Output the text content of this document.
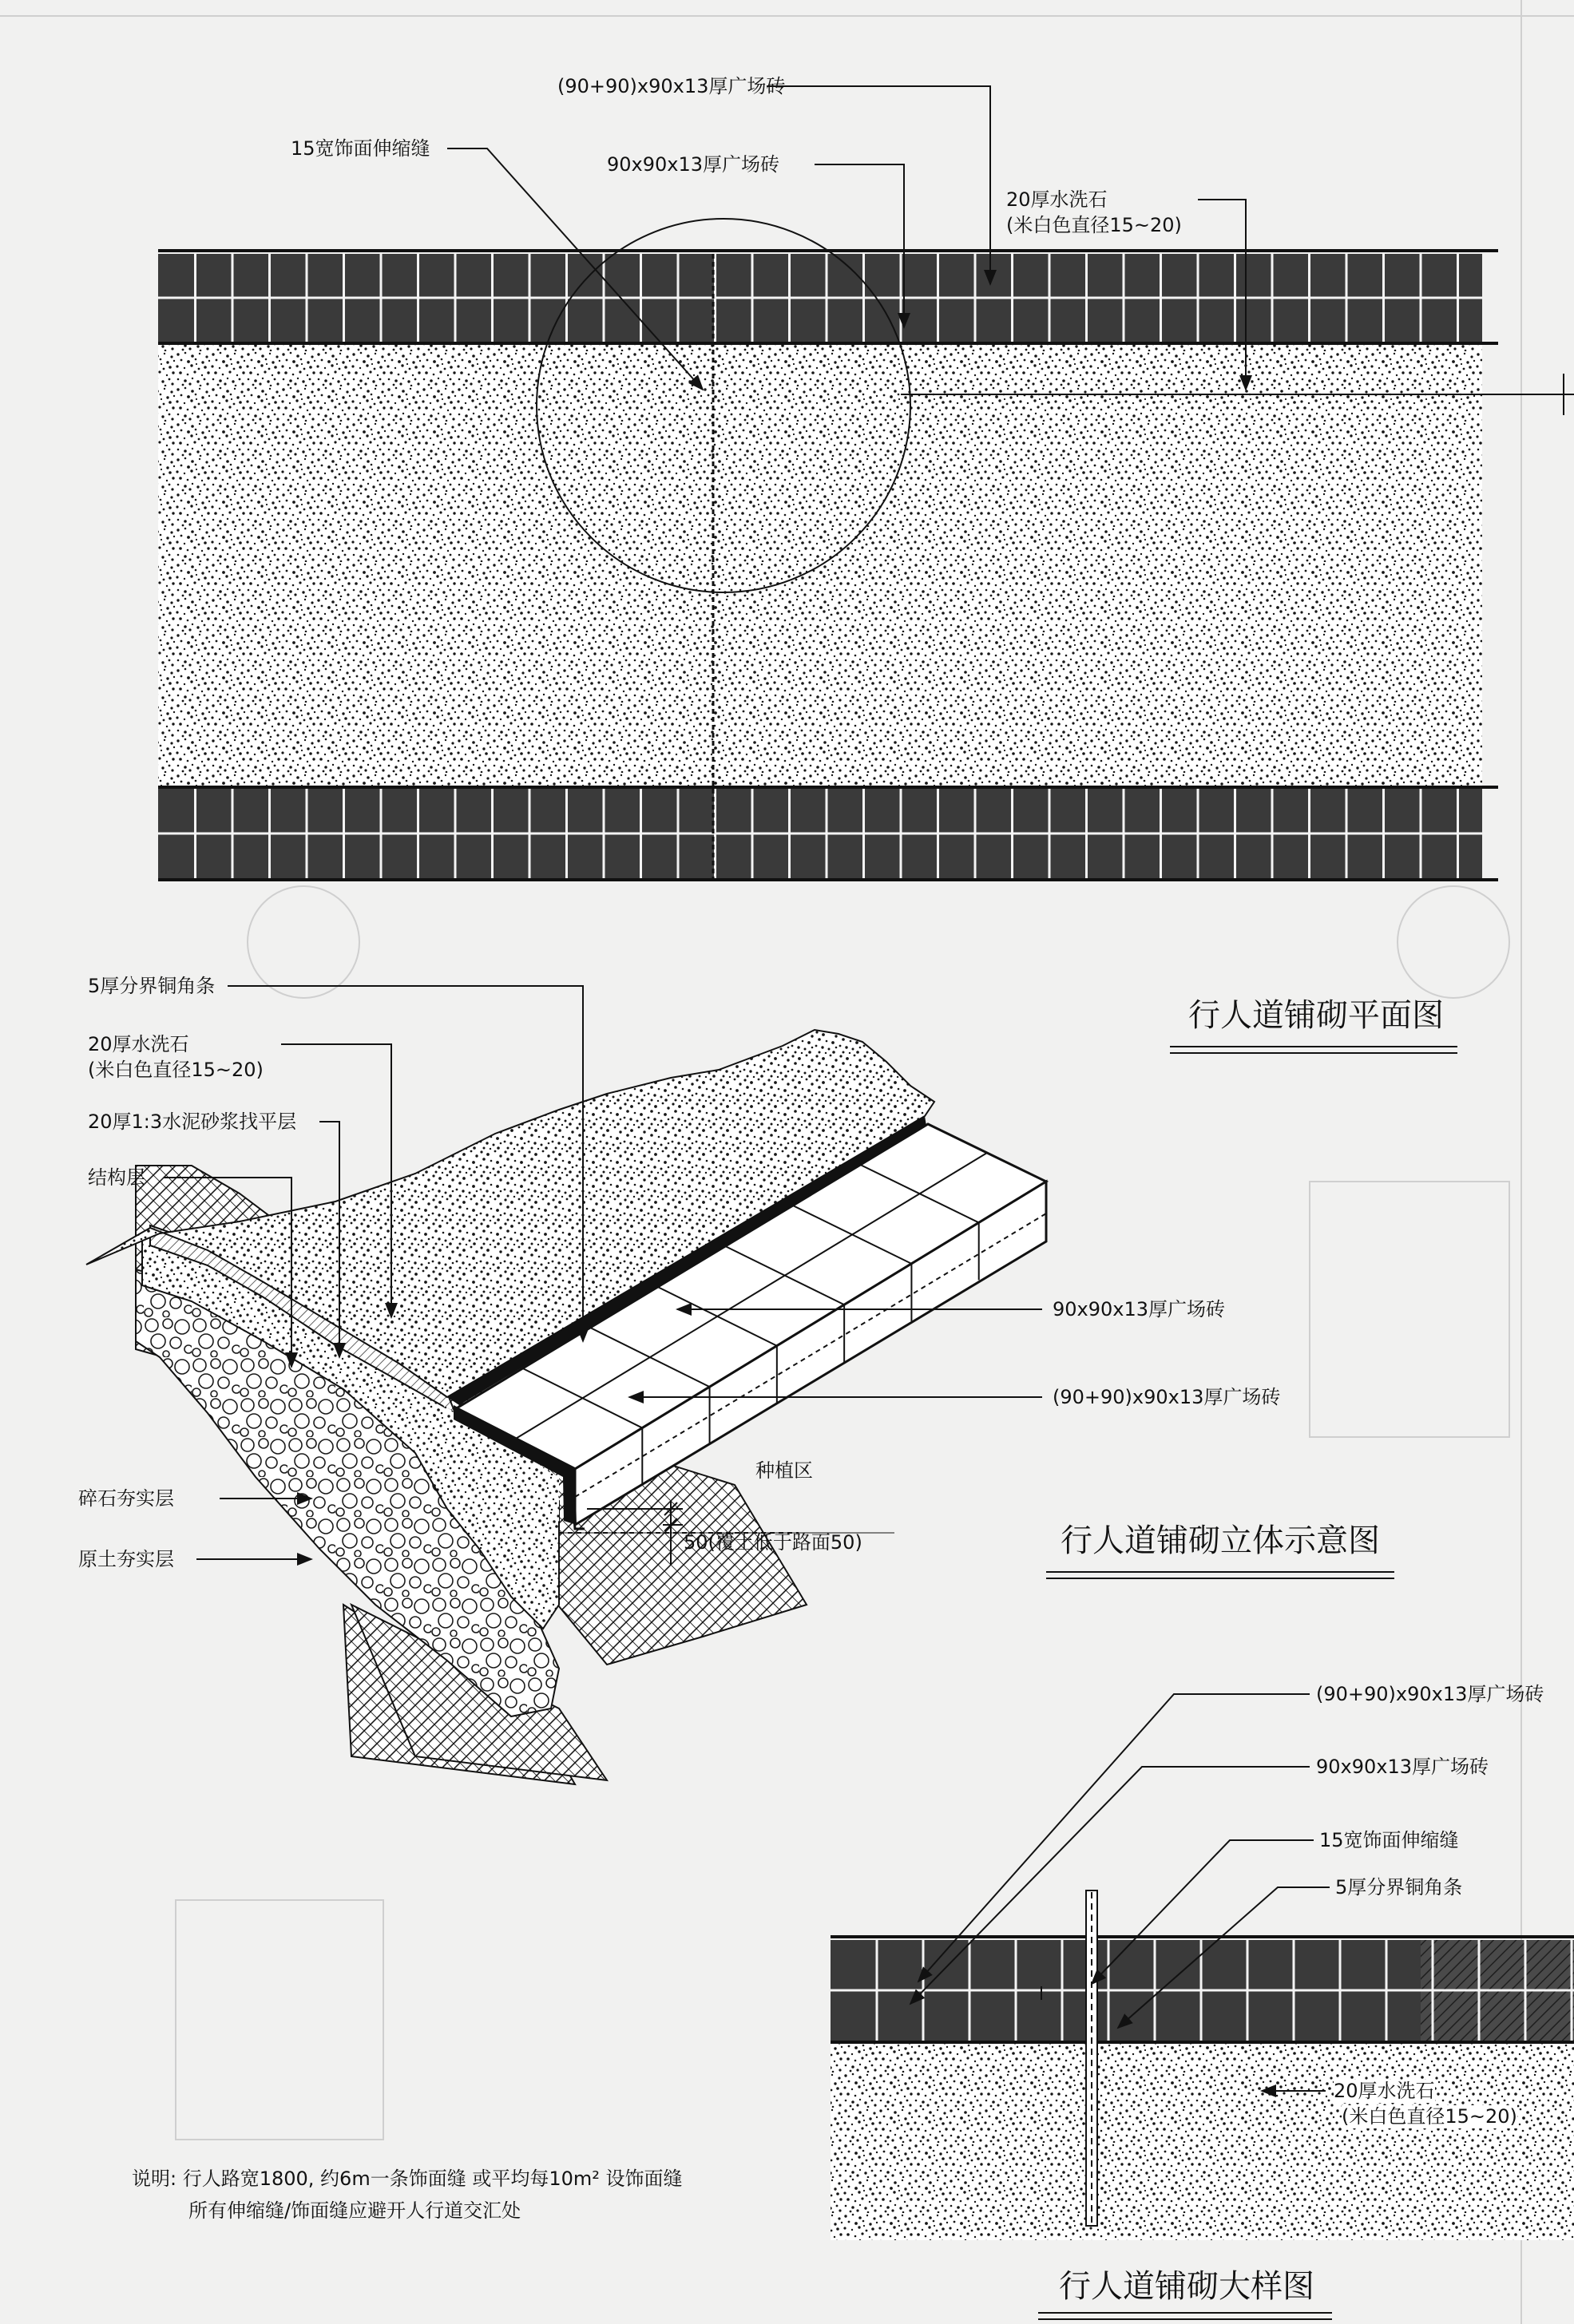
(90+90)x90x13厚广场砖
15宽饰面伸缩缝
90x90x13厚广场砖
20厚水洗石
(米白色直径15~20)
行人道铺砌平面图
5厚分界铜角条
20厚水洗石
(米白色直径15~20)
20厚1:3水泥砂浆找平层
结构层
碎石夯实层
原土夯实层
90x90x13厚广场砖
(90+90)x90x13厚广场砖
种植区
50(覆土低于路面50)	行人道铺砌立体示意图
(90+90)x90x13厚广场砖
90x90x13厚广场砖
15宽饰面伸缩缝
5厚分界铜角条
20厚水洗石
(米白色直径15~20)
行人道铺砌大样图
说明: 行人路宽1800, 约6m一条饰面缝 或平均每10m² 设饰面缝
所有伸缩缝/饰面缝应避开人行道交汇处
